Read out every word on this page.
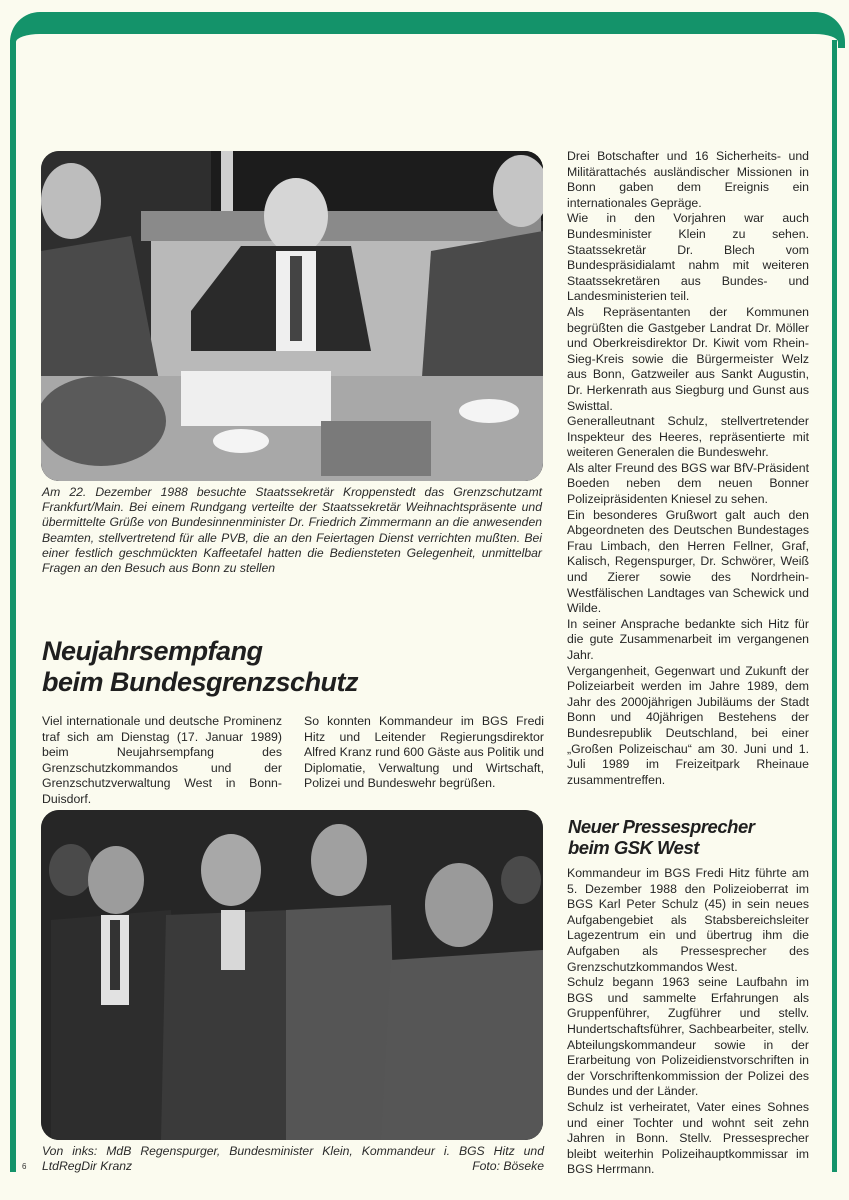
Am 22. Dezember 1988 besuchte Staatssekretär Kroppenstedt das Grenzschutzamt Frankfurt/Main. Bei einem Rundgang verteilte der Staatssekretär Weihnachtspräsente und übermittelte Grüße von Bundesinnenminister Dr. Friedrich Zimmermann an die anwesenden Beamten, stellvertretend für alle PVB, die an den Feiertagen Dienst verrichten mußten. Bei einer festlich geschmückten Kaffeetafel hatten die Bediensteten Gelegenheit, unmittelbar Fragen an den Besuch aus Bonn zu stellen
Neujahrsempfang
beim Bundesgrenzschutz
Viel internationale und deutsche Prominenz traf sich am Dienstag (17. Januar 1989) beim Neujahrsempfang des Grenzschutzkommandos und der Grenzschutzverwaltung West in Bonn-Duisdorf.
So konnten Kommandeur im BGS Fredi Hitz und Leitender Regierungsdirektor Alfred Kranz rund 600 Gäste aus Politik und Diplomatie, Verwaltung und Wirtschaft, Polizei und Bundeswehr begrüßen.

Drei Botschafter und 16 Sicherheits- und Militärattachés ausländischer Missionen in Bonn gaben dem Ereignis ein internationales Gepräge.

Wie in den Vorjahren war auch Bundesminister Klein zu sehen. Staatssekretär Dr. Blech vom Bundespräsidialamt nahm mit weiteren Staatssekretären aus Bundes- und Landesministerien teil.

Als Repräsentanten der Kommunen begrüßten die Gastgeber Landrat Dr. Möller und Oberkreisdirektor Dr. Kiwit vom Rhein-Sieg-Kreis sowie die Bürgermeister Welz aus Bonn, Gatzweiler aus Sankt Augustin, Dr. Herkenrath aus Siegburg und Gunst aus Swisttal.

Generalleutnant Schulz, stellvertretender Inspekteur des Heeres, repräsentierte mit weiteren Generalen die Bundeswehr.

Als alter Freund des BGS war BfV-Präsident Boeden neben dem neuen Bonner Polizeipräsidenten Kniesel zu sehen.

Ein besonderes Grußwort galt auch den Abgeordneten des Deutschen Bundestages Frau Limbach, den Herren Fellner, Graf, Kalisch, Regenspurger, Dr. Schwörer, Weiß und Zierer sowie des Nordrhein-Westfälischen Landtages van Schewick und Wilde.

In seiner Ansprache bedankte sich Hitz für die gute Zusammenarbeit im vergangenen Jahr.

Vergangenheit, Gegenwart und Zukunft der Polizeiarbeit werden im Jahre 1989, dem Jahr des 2000jährigen Jubiläums der Stadt Bonn und 40jährigen Bestehens der Bundesrepublik Deutschland, bei einer „Großen Polizeischau“ am 30. Juni und 1. Juli 1989 im Freizeitpark Rheinaue zusammentreffen.

Von inks: MdB Regenspurger, Bundesminister Klein, Kommandeur i. BGS Hitz und LtdRegDir Kranz	Foto: Böseke
Neuer Pressesprecher
beim GSK West

Kommandeur im BGS Fredi Hitz führte am 5. Dezember 1988 den Polizeioberrat im BGS Karl Peter Schulz (45) in sein neues Aufgabengebiet als Stabsbereichsleiter Lagezentrum ein und übertrug ihm die Aufgaben als Pressesprecher des Grenzschutzkommandos West.

Schulz begann 1963 seine Laufbahn im BGS und sammelte Erfahrungen als Gruppenführer, Zugführer und stellv. Hundertschaftsführer, Sachbearbeiter, stellv. Abteilungskommandeur sowie in der Erarbeitung von Polizeidienstvorschriften in der Vorschriftenkommission der Polizei des Bundes und der Länder.

Schulz ist verheiratet, Vater eines Sohnes und einer Tochter und wohnt seit zehn Jahren in Bonn. Stellv. Pressesprecher bleibt weiterhin Polizeihauptkommissar im BGS Herrmann.

6
